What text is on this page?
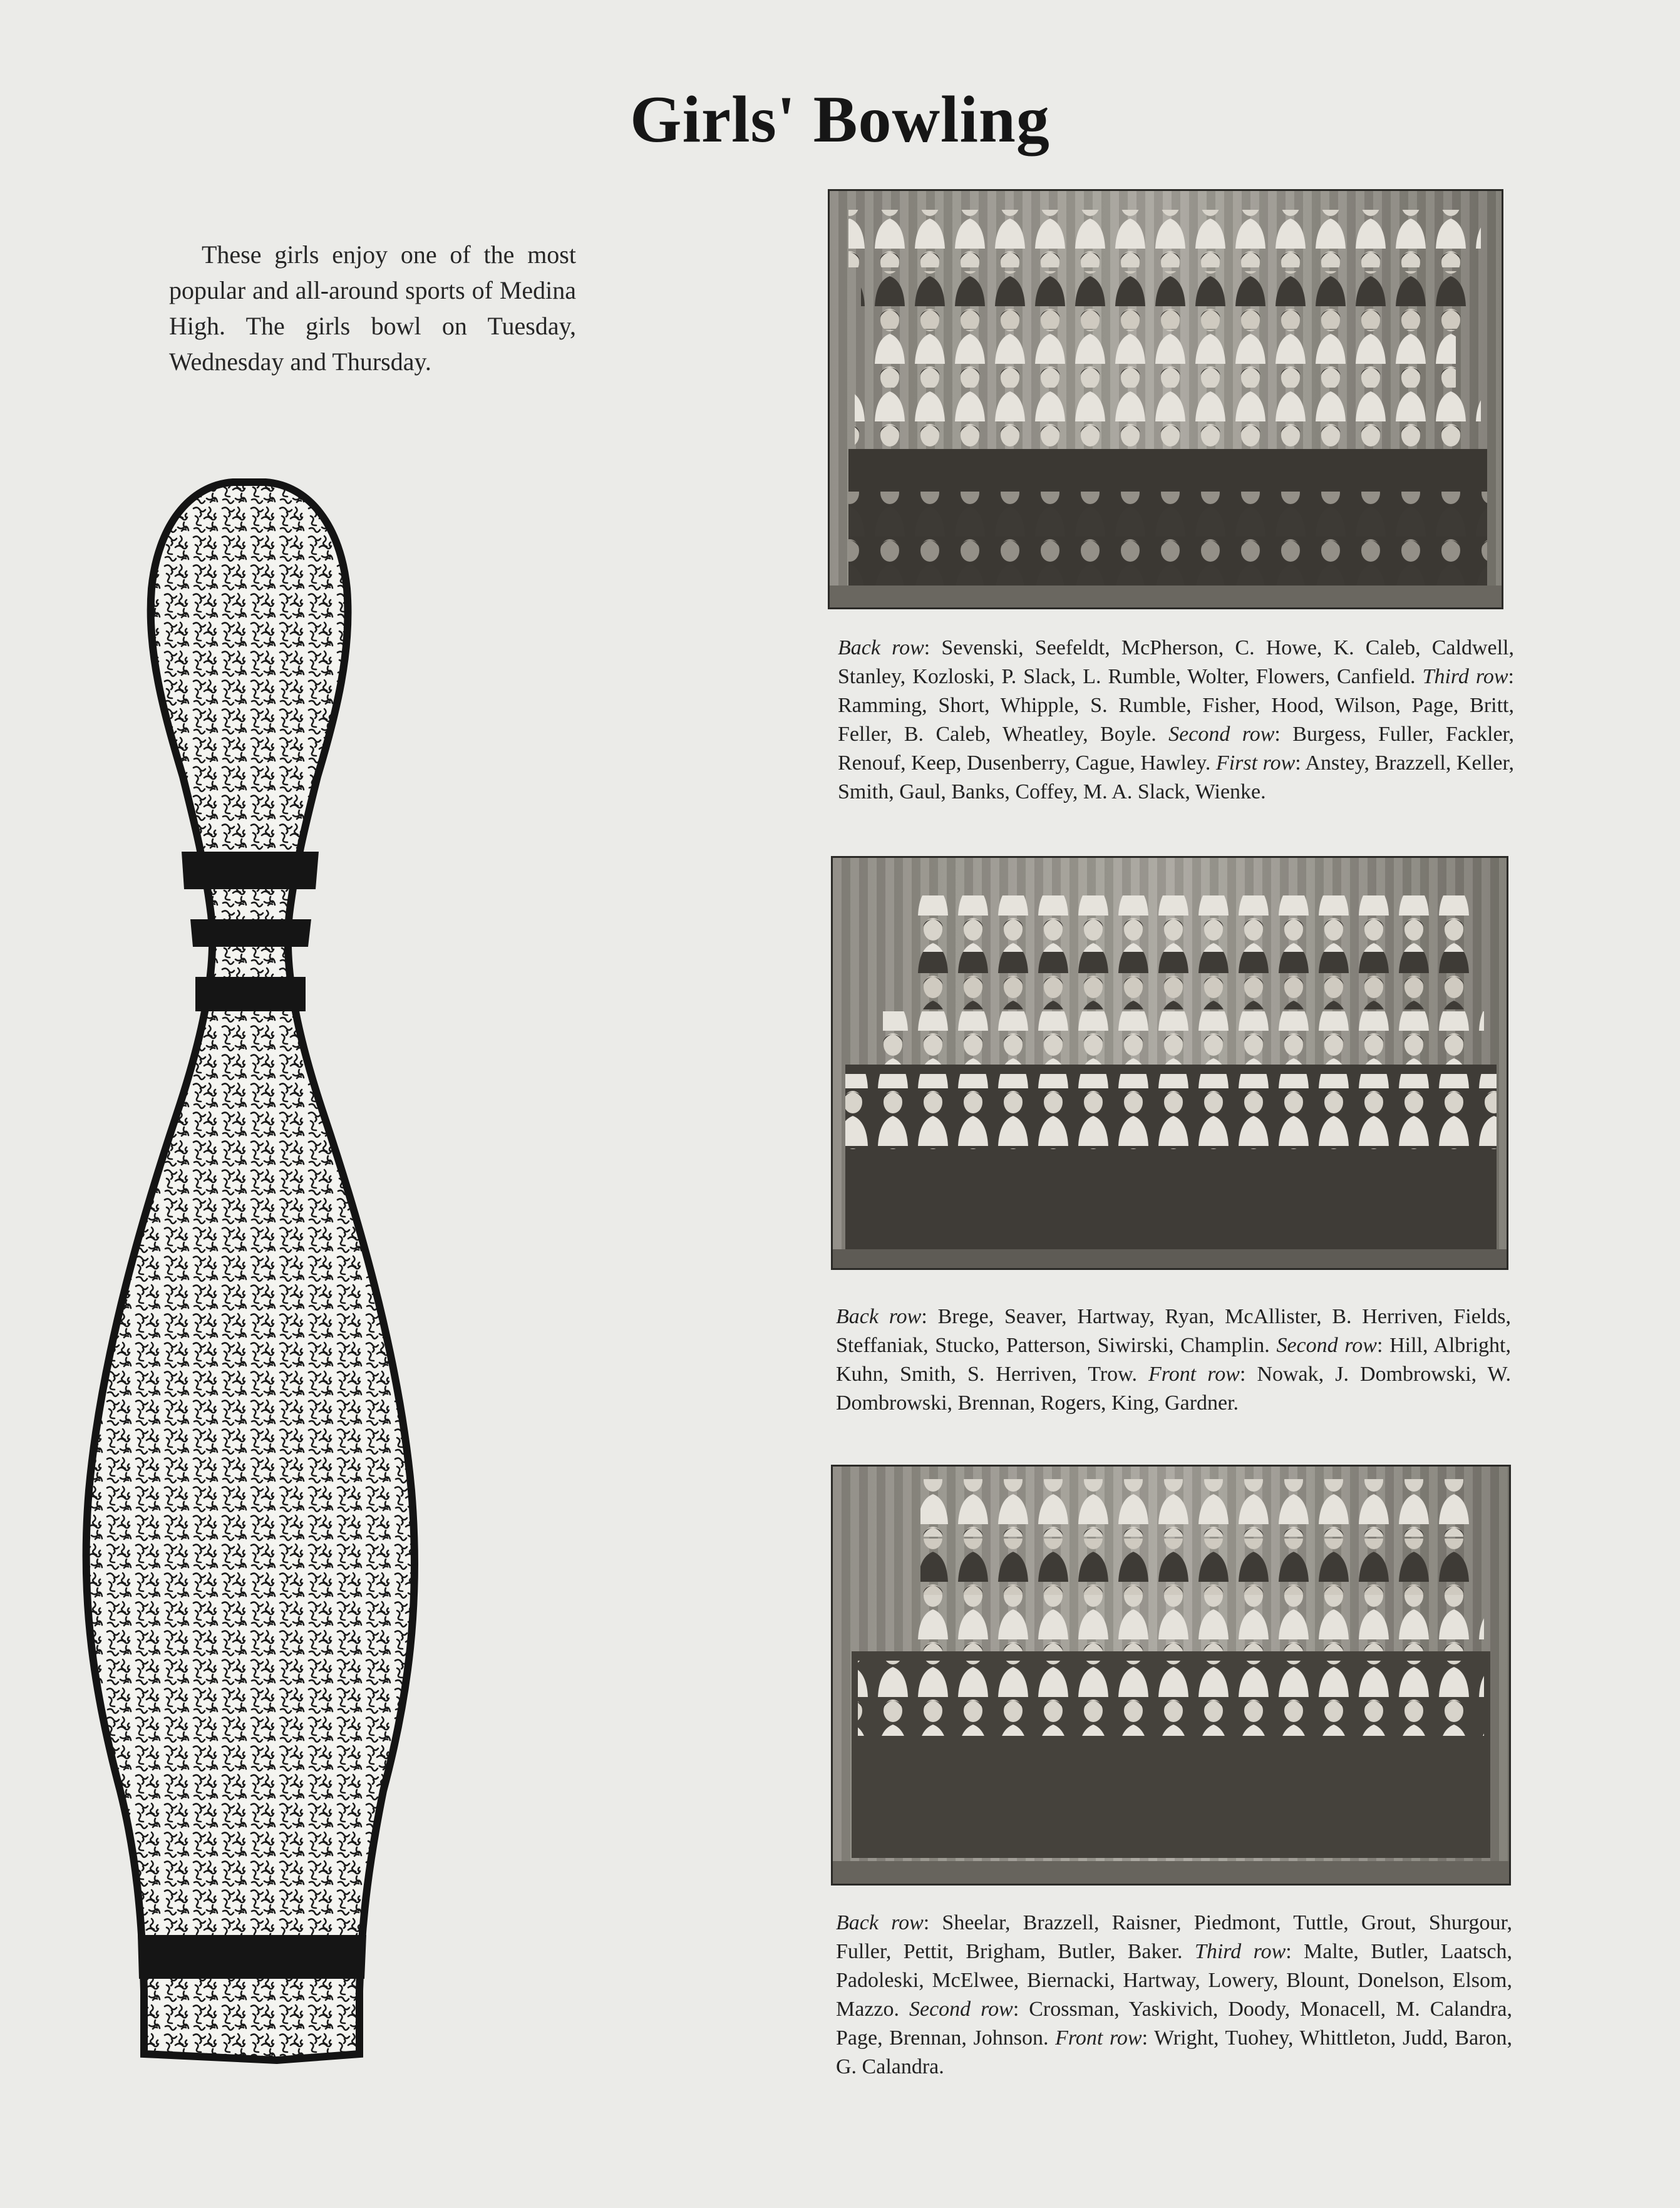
Girls' Bowling
These girls enjoy one of the most popular and all-around sports of Medina High. The girls bowl on Tuesday, Wednesday and Thursday.
Back row: Sevenski, Seefeldt, McPherson, C. Howe, K. Caleb, Caldwell, Stanley, Kozloski, P. Slack, L. Rumble, Wolter, Flowers, Canfield. Third row: Ramming, Short, Whipple, S. Rumble, Fisher, Hood, Wilson, Page, Britt, Feller, B. Caleb, Wheatley, Boyle. Second row: Burgess, Fuller, Fackler, Renouf, Keep, Dusenberry, Cague, Hawley. First row: Anstey, Brazzell, Keller, Smith, Gaul, Banks, Coffey, M. A. Slack, Wienke.
Back row: Brege, Seaver, Hartway, Ryan, McAllister, B. Herriven, Fields, Steffaniak, Stucko, Patterson, Siwirski, Champlin. Second row: Hill, Albright, Kuhn, Smith, S. Herriven, Trow. Front row: Nowak, J. Dombrowski, W. Dombrowski, Brennan, Rogers, King, Gardner.
Back row: Sheelar, Brazzell, Raisner, Piedmont, Tuttle, Grout, Shurgour, Fuller, Pettit, Brigham, Butler, Baker. Third row: Malte, Butler, Laatsch, Padoleski, McElwee, Biernacki, Hartway, Lowery, Blount, Donelson, Elsom, Mazzo. Second row: Crossman, Yaskivich, Doody, Monacell, M. Calandra, Page, Brennan, Johnson. Front row: Wright, Tuohey, Whittleton, Judd, Baron, G. Calandra.
